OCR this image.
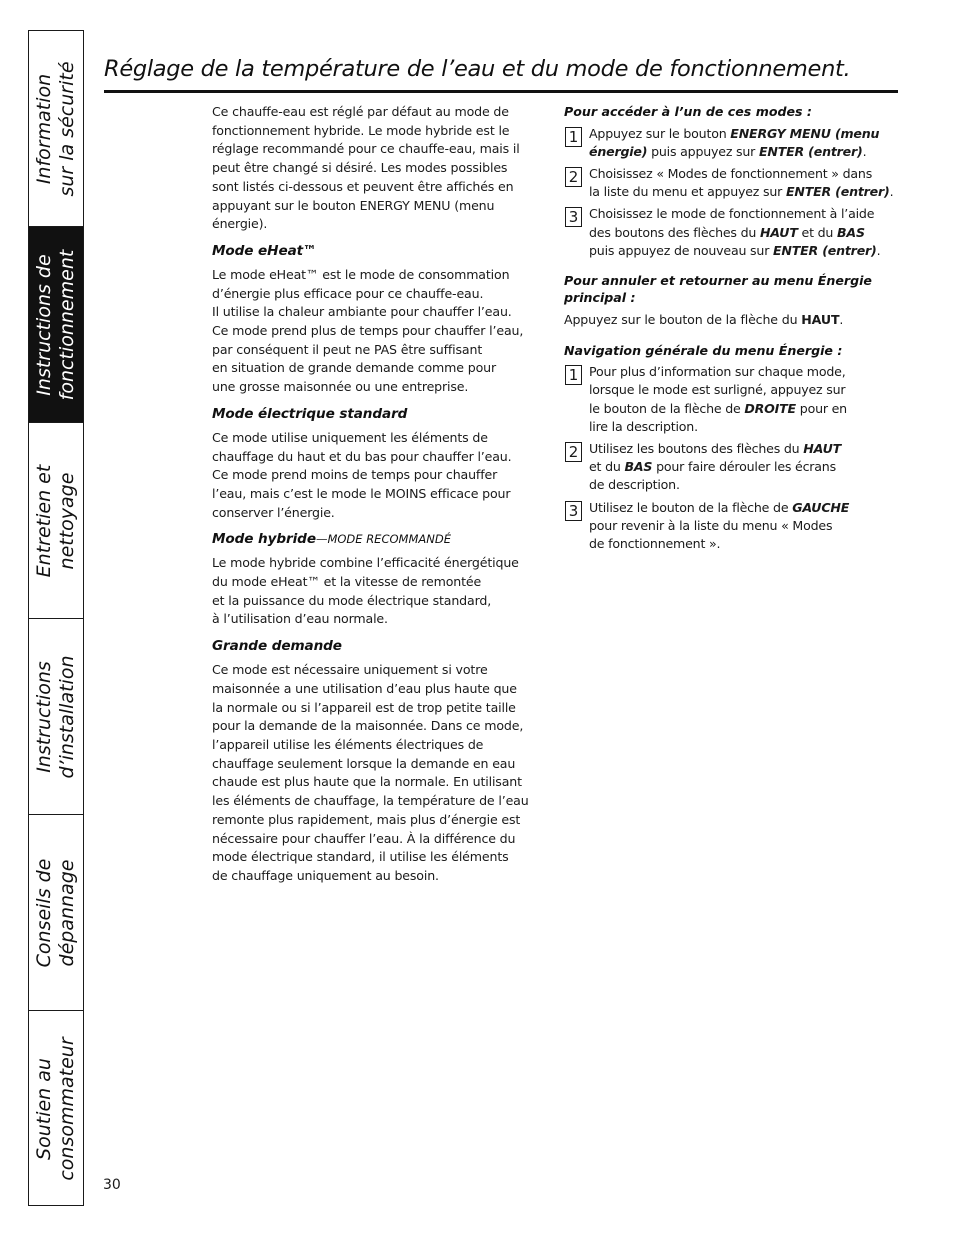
Information sur la sécurité
Instructions de fonctionnement
Entretien et nettoyage
Instructions d’installation
Conseils de dépannage
Soutien au consommateur
Réglage de la température de l’eau et du mode de fonctionnement.

Ce chauffe-eau est réglé par défaut au mode de
fonctionnement hybride. Le mode hybride est le
réglage recommandé pour ce chauffe-eau, mais il
peut être changé si désiré. Les modes possibles
sont listés ci-dessous et peuvent être affichés en
appuyant sur le bouton ENERGY MENU (menu
énergie).

Mode eHeat™

Le mode eHeat™ est le mode de consommation
d’énergie plus efficace pour ce chauffe-eau.
Il utilise la chaleur ambiante pour chauffer l’eau.
Ce mode prend plus de temps pour chauffer l’eau,
par conséquent il peut ne PAS être suffisant
en situation de grande demande comme pour
une grosse maisonnée ou une entreprise.

Mode électrique standard

Ce mode utilise uniquement les éléments de
chauffage du haut et du bas pour chauffer l’eau.
Ce mode prend moins de temps pour chauffer
l’eau, mais c’est le mode le MOINS efficace pour
conserver l’énergie.

Mode hybride—MODE RECOMMANDÉ

Le mode hybride combine l’efficacité énergétique
du mode eHeat™ et la vitesse de remontée
et la puissance du mode électrique standard,
à l’utilisation d’eau normale.

Grande demande

Ce mode est nécessaire uniquement si votre
maisonnée a une utilisation d’eau plus haute que
la normale ou si l’appareil est de trop petite taille
pour la demande de la maisonnée. Dans ce mode,
l’appareil utilise les éléments électriques de
chauffage seulement lorsque la demande en eau
chaude est plus haute que la normale. En utilisant
les éléments de chauffage, la température de l’eau
remonte plus rapidement, mais plus d’énergie est
nécessaire pour chauffer l’eau. À la différence du
mode électrique standard, il utilise les éléments
de chauffage uniquement au besoin.

Pour accéder à l’un de ces modes :
1 Appuyez sur le bouton ENERGY MENU (menu
énergie) puis appuyez sur ENTER (entrer).
2 Choisissez « Modes de fonctionnement » dans
la liste du menu et appuyez sur ENTER (entrer).
3 Choisissez le mode de fonctionnement à l’aide
des boutons des flèches du HAUT et du BAS
puis appuyez de nouveau sur ENTER (entrer).
Pour annuler et retourner au menu Énergie
principal :

Appuyez sur le bouton de la flèche du HAUT.

Navigation générale du menu Énergie :
1 Pour plus d’information sur chaque mode,
lorsque le mode est surligné, appuyez sur
le bouton de la flèche de DROITE pour en
lire la description.
2 Utilisez les boutons des flèches du HAUT
et du BAS pour faire dérouler les écrans
de description.
3 Utilisez le bouton de la flèche de GAUCHE
pour revenir à la liste du menu « Modes
de fonctionnement ».
30
